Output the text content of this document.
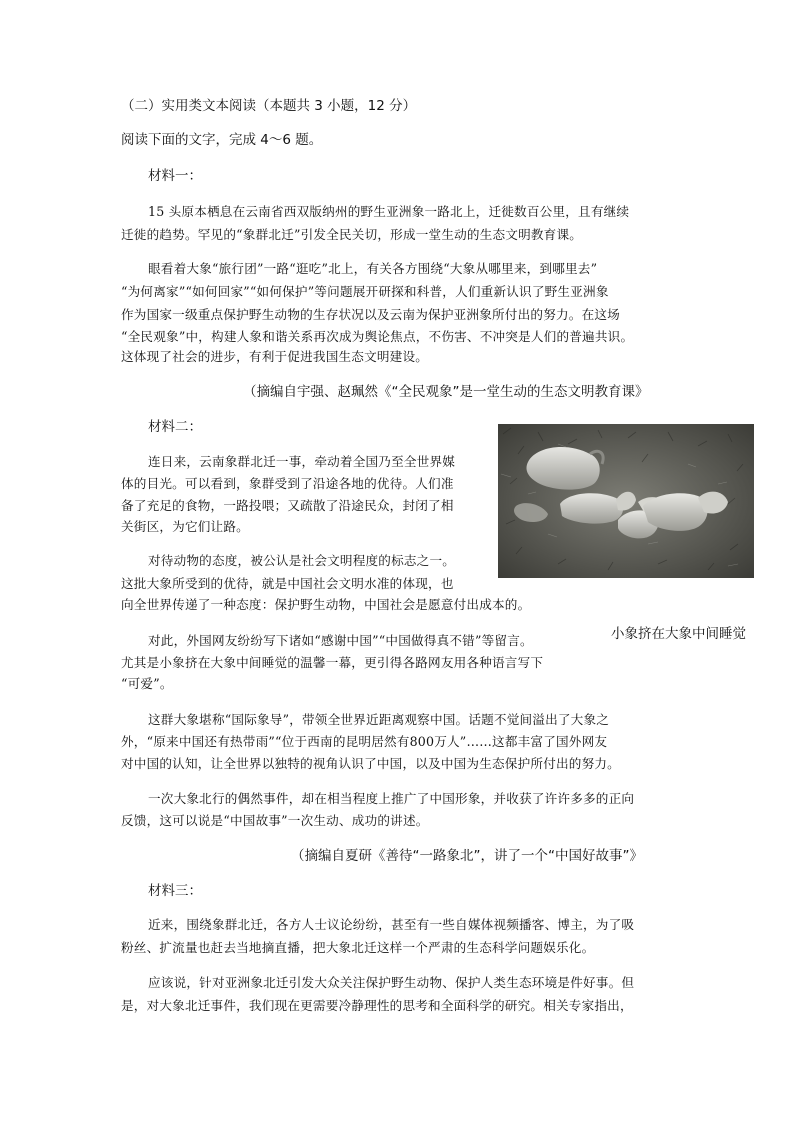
（二）实用类文本阅读（本题共 3 小题，12 分）

阅读下面的文字，完成 4～6 题。

材料一：

15 头原本栖息在云南省西双版纳州的野生亚洲象一路北上，迁徙数百公里，且有继续

迁徙的趋势。罕见的“象群北迁”引发全民关切，形成一堂生动的生态文明教育课。

眼看着大象“旅行团”一路“逛吃”北上，有关各方围绕“大象从哪里来，到哪里去”

“为何离家”“如何回家”“如何保护”等问题展开研探和科普，人们重新认识了野生亚洲象

作为国家一级重点保护野生动物的生存状况以及云南为保护亚洲象所付出的努力。在这场

“全民观象”中，构建人象和谐关系再次成为舆论焦点，不伤害、不冲突是人们的普遍共识。

这体现了社会的进步，有利于促进我国生态文明建设。

（摘编自宇强、赵珮然《“全民观象”是一堂生动的生态文明教育课》

材料二：

连日来，云南象群北迁一事，牵动着全国乃至全世界媒

体的目光。可以看到，象群受到了沿途各地的优待。人们准

备了充足的食物，一路投喂；又疏散了沿途民众，封闭了相

关街区，为它们让路。

对待动物的态度，被公认是社会文明程度的标志之一。

这批大象所受到的优待，就是中国社会文明水准的体现，也

向全世界传递了一种态度：保护野生动物，中国社会是愿意付出成本的。

对此，外国网友纷纷写下诸如“感谢中国”“中国做得真不错”等留言。

尤其是小象挤在大象中间睡觉的温馨一幕，更引得各路网友用各种语言写下

“可爱”。

小象挤在大象中间睡觉

这群大象堪称“国际象导”，带领全世界近距离观察中国。话题不觉间溢出了大象之

外，“原来中国还有热带雨”“位于西南的昆明居然有800万人”……这都丰富了国外网友

对中国的认知，让全世界以独特的视角认识了中国，以及中国为生态保护所付出的努力。

一次大象北行的偶然事件，却在相当程度上推广了中国形象，并收获了许许多多的正向

反馈，这可以说是“中国故事”一次生动、成功的讲述。

（摘编自夏研《善待“一路象北”，讲了一个“中国好故事”》

材料三：

近来，围绕象群北迁，各方人士议论纷纷，甚至有一些自媒体视频播客、博主，为了吸

粉丝、扩流量也赶去当地摘直播，把大象北迁这样一个严肃的生态科学问题娱乐化。

应该说，针对亚洲象北迁引发大众关注保护野生动物、保护人类生态环境是件好事。但

是，对大象北迁事件，我们现在更需要冷静理性的思考和全面科学的研究。相关专家指出，
